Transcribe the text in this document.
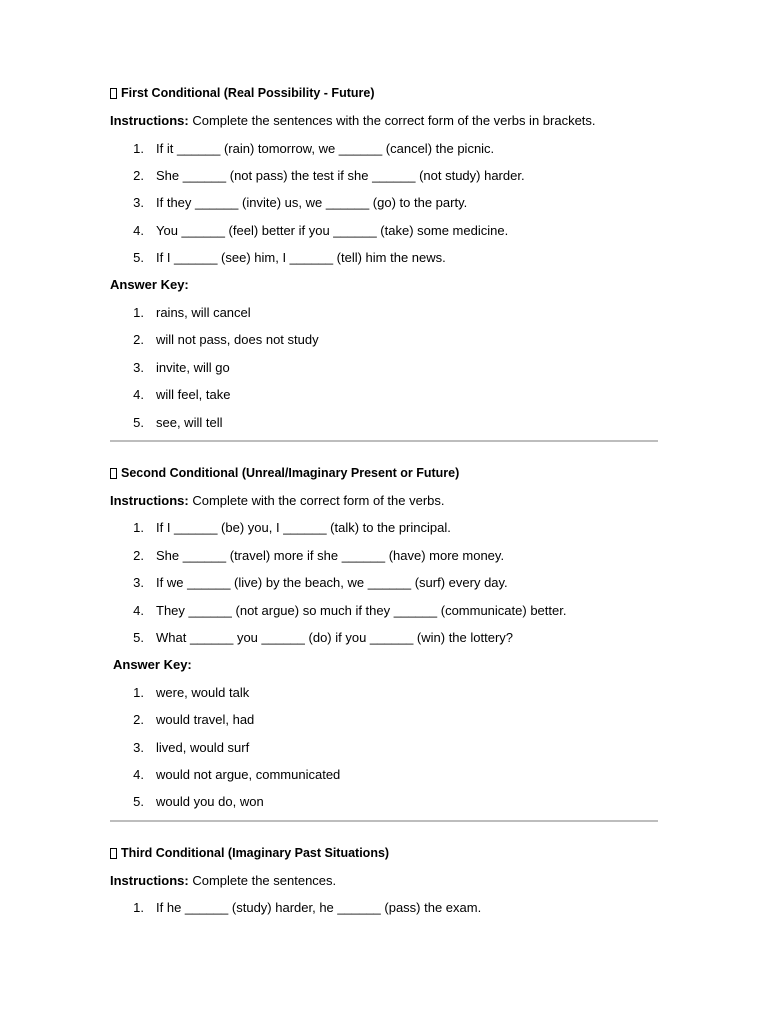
First Conditional (Real Possibility - Future)

Instructions: Complete the sentences with the correct form of the verbs in brackets.

1. If it ______ (rain) tomorrow, we ______ (cancel) the picnic.
2. She ______ (not pass) the test if she ______ (not study) harder.
3. If they ______ (invite) us, we ______ (go) to the party.
4. You ______ (feel) better if you ______ (take) some medicine.
5. If I ______ (see) him, I ______ (tell) him the news.

Answer Key:

1. rains, will cancel
2. will not pass, does not study
3. invite, will go
4. will feel, take
5. see, will tell
Second Conditional (Unreal/Imaginary Present or Future)

Instructions: Complete with the correct form of the verbs.

1. If I ______ (be) you, I ______ (talk) to the principal.
2. She ______ (travel) more if she ______ (have) more money.
3. If we ______ (live) by the beach, we ______ (surf) every day.
4. They ______ (not argue) so much if they ______ (communicate) better.
5. What ______ you ______ (do) if you ______ (win) the lottery?

Answer Key:

1. were, would talk
2. would travel, had
3. lived, would surf
4. would not argue, communicated
5. would you do, won
Third Conditional (Imaginary Past Situations)

Instructions: Complete the sentences.

1. If he ______ (study) harder, he ______ (pass) the exam.
